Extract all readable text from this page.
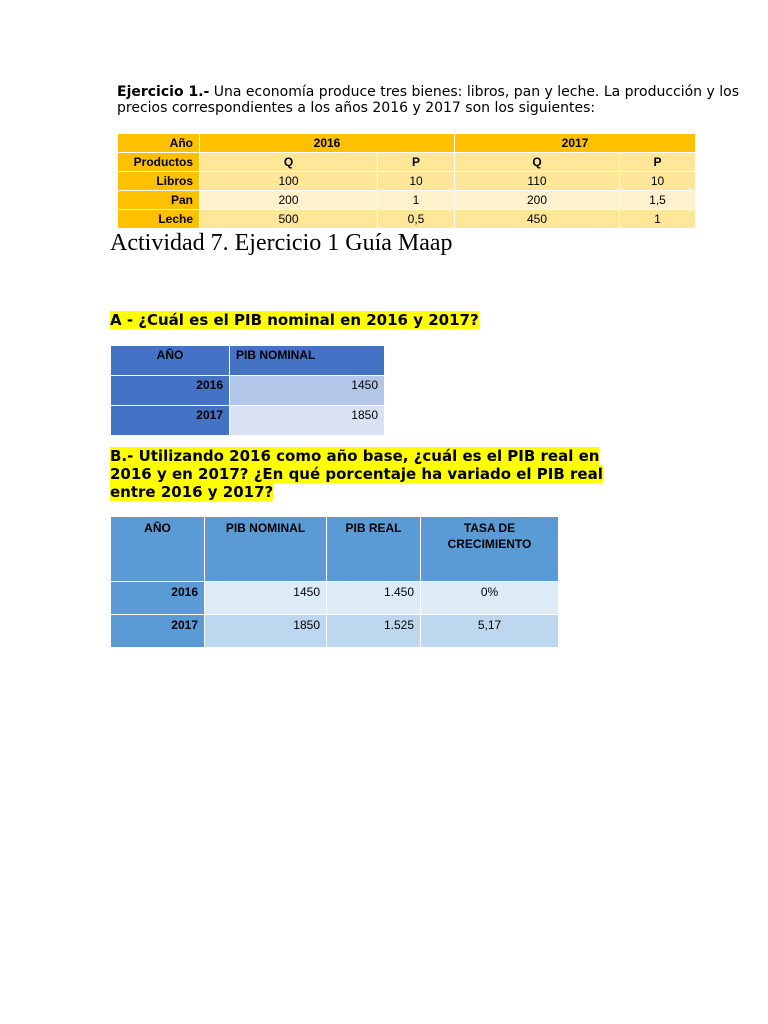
Ejercicio 1.- Una economía produce tres bienes: libros, pan y leche. La producción y los precios correspondientes a los años 2016 y 2017 son los siguientes:
Año	2016		2017	
Productos	Q	P	Q	P
Libros	100	10	110	10
Pan	200	1	200	1,5
Leche	500	0,5	450	1
Actividad 7. Ejercicio 1 Guía Maap
A - ¿Cuál es el PIB nominal en 2016 y 2017?
AÑO	PIB NOMINAL
2016	1450
2017	1850
B.- Utilizando 2016 como año base, ¿cuál es el PIB real en 2016 y en 2017? ¿En qué porcentaje ha variado el PIB real entre 2016 y 2017?
AÑO	PIB NOMINAL	PIB REAL	TASA DE CRECIMIENTO
2016	1450	1.450	0%
2017	1850	1.525	5,17
